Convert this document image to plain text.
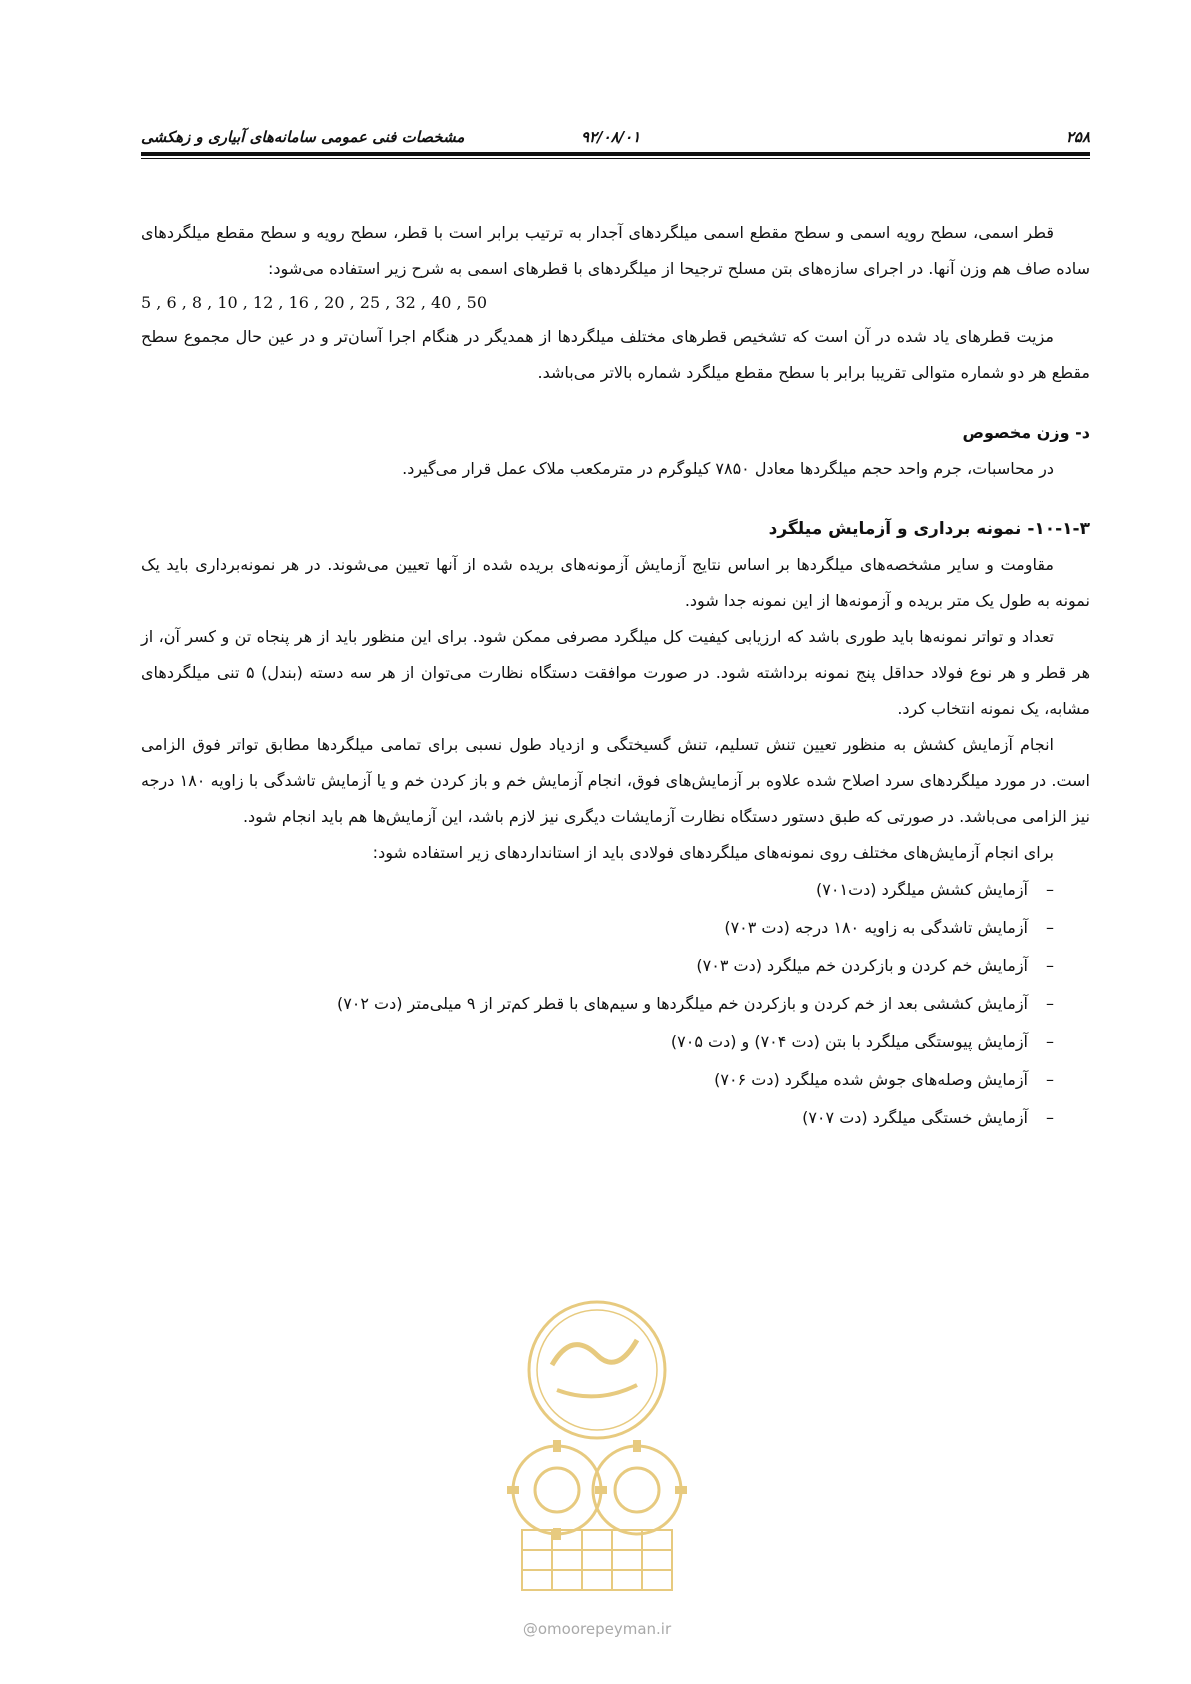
۲۵۸
۹۲/۰۸/۰۱
مشخصات فنی عمومی سامانه‌های آبیاری و زهکشی

قطر اسمی، سطح رویه اسمی و سطح مقطع اسمی میلگردهای آجدار به ترتیب برابر است با قطر، سطح رویه و سطح مقطع میلگردهای ساده صاف هم وزن آنها. در اجرای سازه‌های بتن مسلح ترجیحا از میلگردهای با قطرهای اسمی به شرح زیر استفاده می‌شود:

5 , 6 , 8 , 10 , 12 , 16 , 20 , 25 , 32 , 40 , 50

مزیت قطرهای یاد شده در آن است که تشخیص قطرهای مختلف میلگردها از همدیگر در هنگام اجرا آسان‌تر و در عین حال مجموع سطح مقطع هر دو شماره متوالی تقریبا برابر با سطح مقطع میلگرد شماره بالاتر می‌باشد.

د- وزن مخصوص

در محاسبات، جرم واحد حجم میلگردها معادل ۷۸۵۰ کیلوگرم در مترمکعب ملاک عمل قرار می‌گیرد.

۱۰-۱-۳- نمونه برداری و آزمایش میلگرد

مقاومت و سایر مشخصه‌های میلگردها بر اساس نتایج آزمایش آزمونه‌های بریده شده از آنها تعیین می‌شوند. در هر نمونه‌برداری باید یک نمونه به طول یک متر بریده و آزمونه‌ها از این نمونه جدا شود.

تعداد و تواتر نمونه‌ها باید طوری باشد که ارزیابی کیفیت کل میلگرد مصرفی ممکن شود. برای این منظور باید از هر پنجاه تن و کسر آن، از هر قطر و هر نوع فولاد حداقل پنج نمونه برداشته شود. در صورت موافقت دستگاه نظارت می‌توان از هر سه دسته (بندل) ۵ تنی میلگردهای مشابه، یک نمونه انتخاب کرد.

انجام آزمایش کشش به منظور تعیین تنش تسلیم، تنش گسیختگی و ازدیاد طول نسبی برای تمامی میلگردها مطابق تواتر فوق الزامی است. در مورد میلگردهای سرد اصلاح شده علاوه بر آزمایش‌های فوق، انجام آزمایش خم و باز کردن خم و یا آزمایش تاشدگی با زاویه ۱۸۰ درجه نیز الزامی می‌باشد. در صورتی که طبق دستور دستگاه نظارت آزمایشات دیگری نیز لازم باشد، این آزمایش‌ها هم باید انجام شود.

برای انجام آزمایش‌های مختلف روی نمونه‌های میلگردهای فولادی باید از استانداردهای زیر استفاده شود:

–آزمایش کشش میلگرد (دت۷۰۱)
–آزمایش تاشدگی به زاویه ۱۸۰ درجه (دت ۷۰۳)
–آزمایش خم کردن و بازکردن خم میلگرد (دت ۷۰۳)
–آزمایش کششی بعد از خم کردن و بازکردن خم میلگردها و سیم‌های با قطر کم‌تر از ۹ میلی‌متر (دت ۷۰۲)
–آزمایش پیوستگی میلگرد با بتن (دت ۷۰۴) و (دت ۷۰۵)
–آزمایش وصله‌های جوش شده میلگرد (دت ۷۰۶)
–آزمایش خستگی میلگرد (دت ۷۰۷)
@omoorepeyman.ir
